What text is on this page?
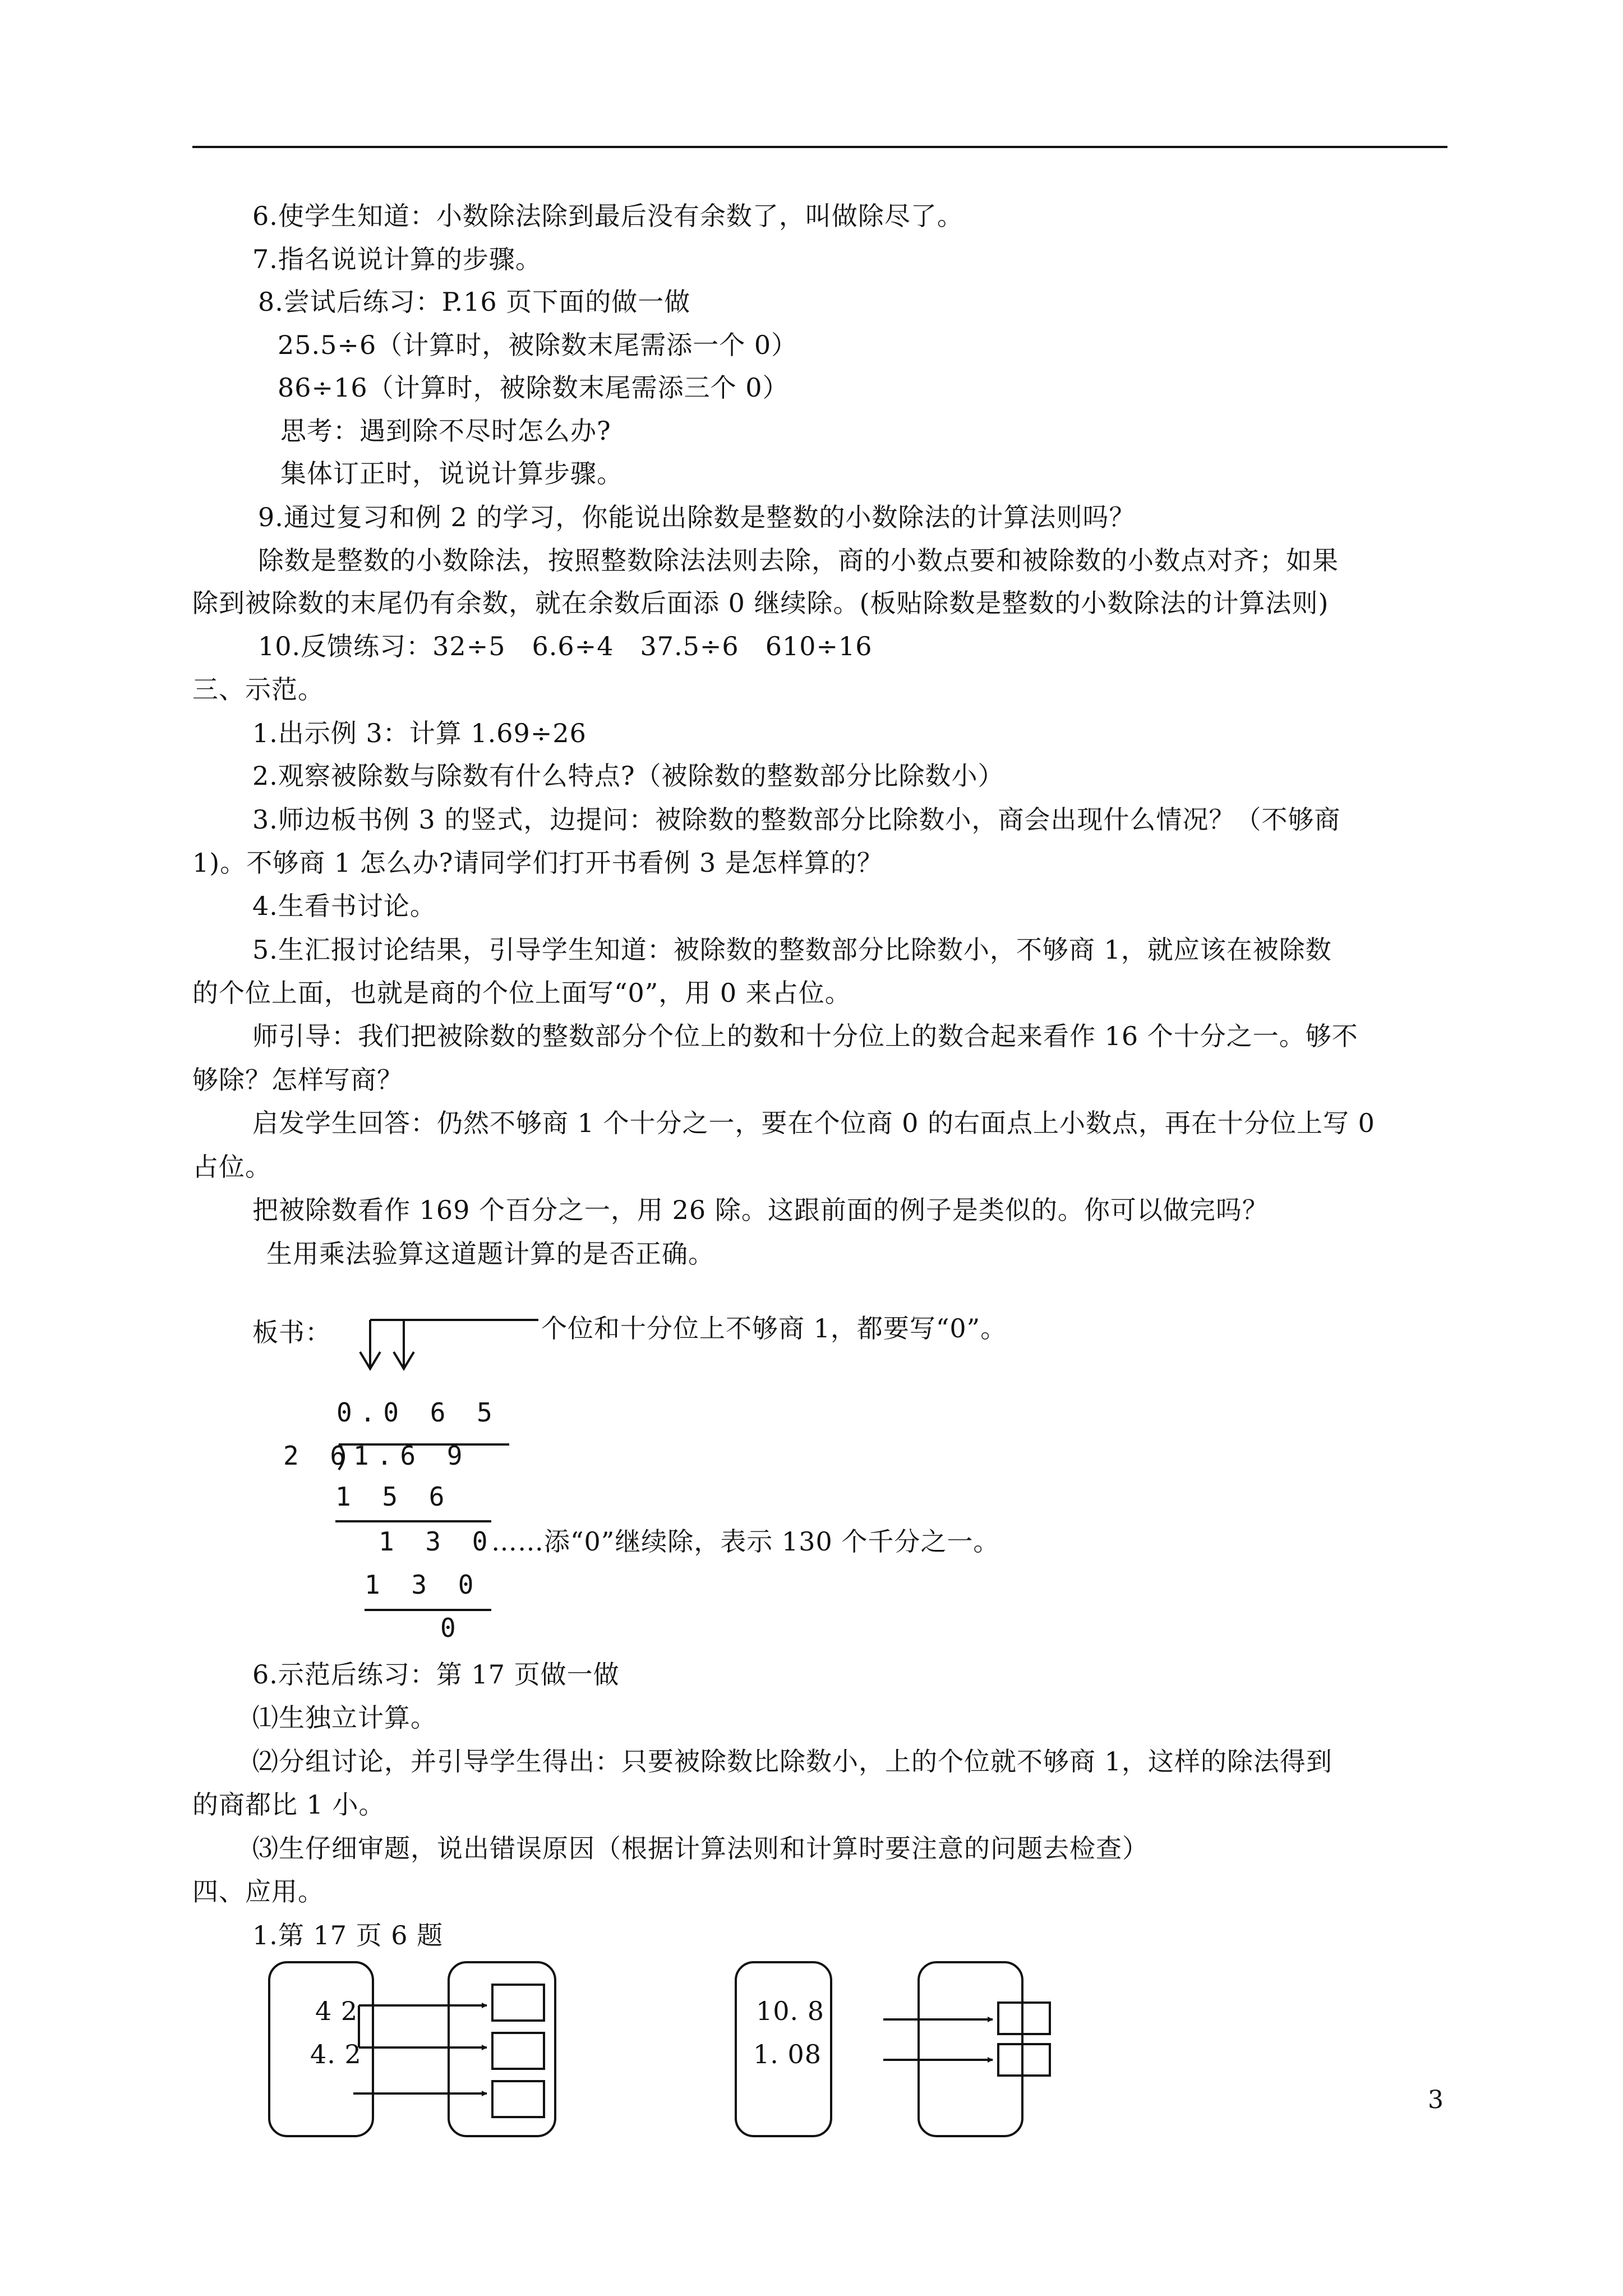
6.使学生知道：小数除法除到最后没有余数了，叫做除尽了。
7.指名说说计算的步骤。
8.尝试后练习：P.16 页下面的做一做
25.5÷6（计算时，被除数末尾需添一个 0）
86÷16（计算时，被除数末尾需添三个 0）
思考：遇到除不尽时怎么办?
集体订正时，说说计算步骤。
9.通过复习和例 2 的学习，你能说出除数是整数的小数除法的计算法则吗？
除数是整数的小数除法，按照整数除法法则去除，商的小数点要和被除数的小数点对齐；如果
除到被除数的末尾仍有余数，就在余数后面添 0 继续除。(板贴除数是整数的小数除法的计算法则)
10.反馈练习：32÷5　6.6÷4　37.5÷6　610÷16
三、示范。
1.出示例 3：计算 1.69÷26
2.观察被除数与除数有什么特点?（被除数的整数部分比除数小）
3.师边板书例 3 的竖式，边提问：被除数的整数部分比除数小，商会出现什么情况？（不够商
1)。不够商 1 怎么办?请同学们打开书看例 3 是怎样算的？
4.生看书讨论。
5.生汇报讨论结果，引导学生知道：被除数的整数部分比除数小，不够商 1，就应该在被除数
的个位上面，也就是商的个位上面写“0”，用 0 来占位。
师引导：我们把被除数的整数部分个位上的数和十分位上的数合起来看作 16 个十分之一。够不
够除？怎样写商？
启发学生回答：仍然不够商 1 个十分之一，要在个位商 0 的右面点上小数点，再在十分位上写 0
占位。
把被除数看作 169 个百分之一，用 26 除。这跟前面的例子是类似的。你可以做完吗？
生用乘法验算这道题计算的是否正确。
板书：	个位和十分位上不够商 1，都要写“0”。
0.0 6 5
2 6 1.6 9
1 5 6
1 3 0
……添“0”继续除，表示 130 个千分之一。
1 3 0
0
6.示范后练习：第 17 页做一做
⑴生独立计算。
⑵分组讨论，并引导学生得出：只要被除数比除数小，上的个位就不够商 1，这样的除法得到
的商都比 1 小。
⑶生仔细审题，说出错误原因（根据计算法则和计算时要注意的问题去检查）
四、应用。
1.第 17 页 6 题
4 2
4. 2
10. 8
1. 08
3
